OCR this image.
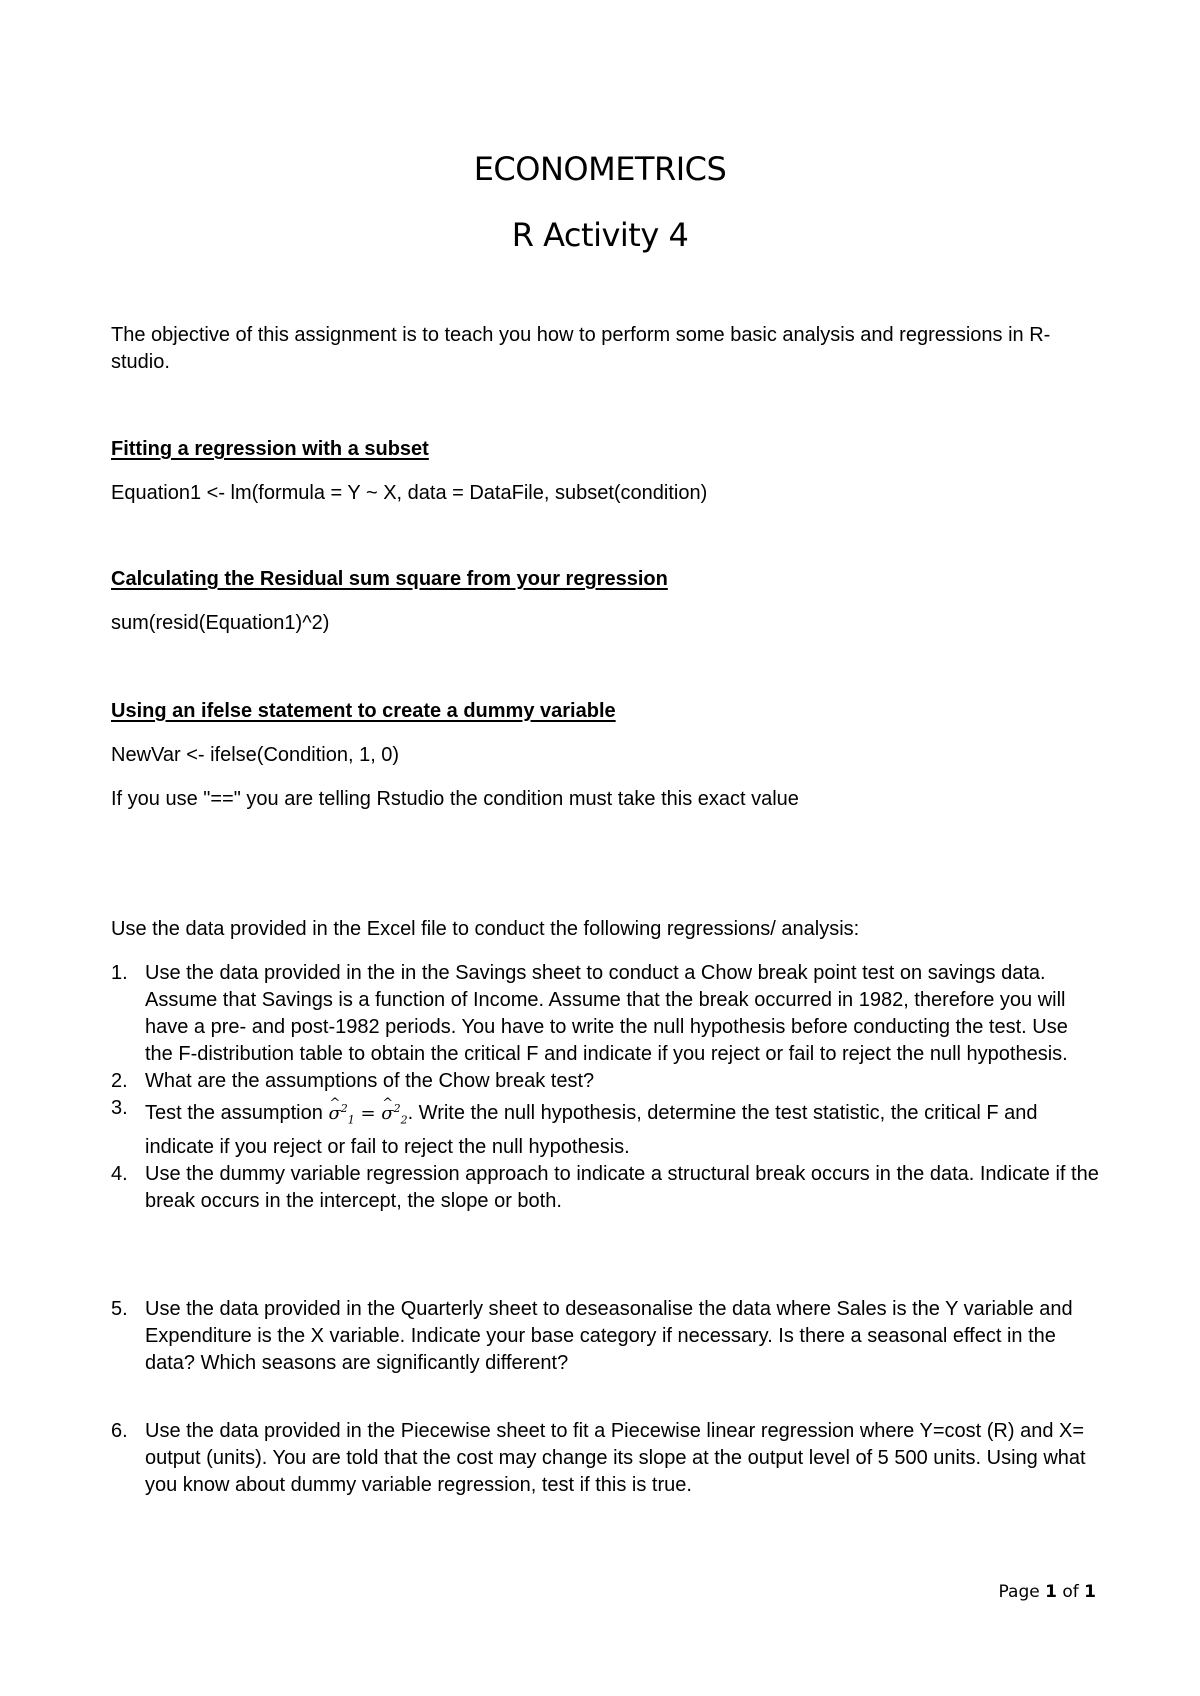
ECONOMETRICS
R Activity 4
The objective of this assignment is to teach you how to perform some basic analysis and regressions in R-studio.
Fitting a regression with a subset
Equation1 <- lm(formula = Y ~ X, data = DataFile, subset(condition)
Calculating the Residual sum square from your regression
sum(resid(Equation1)^2)
Using an ifelse statement to create a dummy variable
NewVar <- ifelse(Condition, 1, 0)
If you use "==" you are telling Rstudio the condition must take this exact value
Use the data provided in the Excel file to conduct the following regressions/ analysis:
1. Use the data provided in the in the Savings sheet to conduct a Chow break point test on savings data. Assume that Savings is a function of Income. Assume that the break occurred in 1982, therefore you will have a pre- and post-1982 periods. You have to write the null hypothesis before conducting the test. Use the F-distribution table to obtain the critical F and indicate if you reject or fail to reject the null hypothesis.
2. What are the assumptions of the Chow break test?
3. Test the assumption ^ $\sigma^2_1$ = ^ $\sigma^2_2$. Write the null hypothesis, determine the test statistic, the critical F and indicate if you reject or fail to reject the null hypothesis.
4. Use the dummy variable regression approach to indicate a structural break occurs in the data. Indicate if the break occurs in the intercept, the slope or both.
5. Use the data provided in the Quarterly sheet to deseasonalise the data where Sales is the Y variable and Expenditure is the X variable. Indicate your base category if necessary. Is there a seasonal effect in the data? Which seasons are significantly different?
6. Use the data provided in the Piecewise sheet to fit a Piecewise linear regression where Y=cost (R) and X= output (units). You are told that the cost may change its slope at the output level of 5 500 units. Using what you know about dummy variable regression, test if this is true.
Page 1 of 1
